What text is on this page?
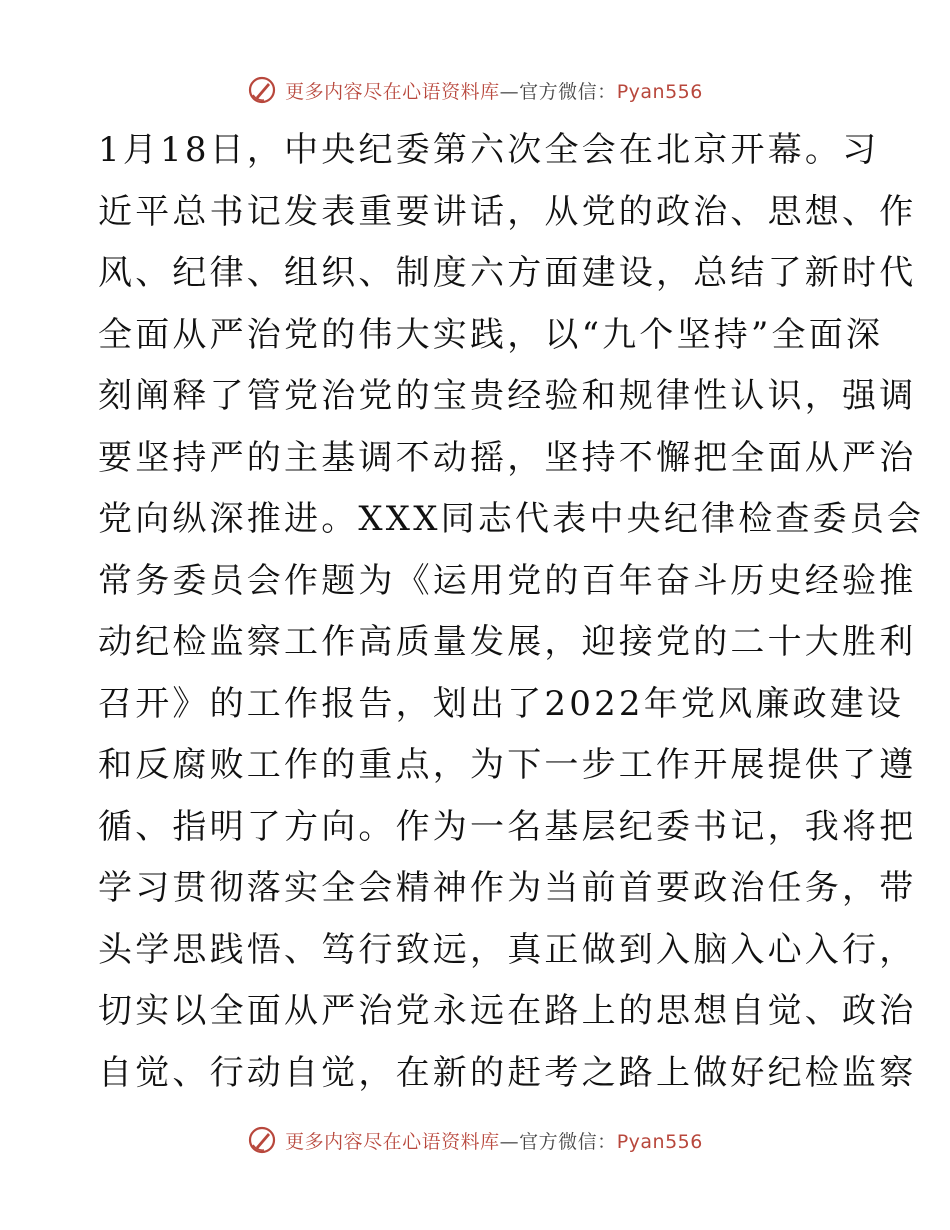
更多内容尽在心语资料库—官方微信：Pyan556
1月18日，中央纪委第六次全会在北京开幕。习
近平总书记发表重要讲话，从党的政治、思想、作
风、纪律、组织、制度六方面建设，总结了新时代
全面从严治党的伟大实践，以“九个坚持”全面深
刻阐释了管党治党的宝贵经验和规律性认识，强调
要坚持严的主基调不动摇，坚持不懈把全面从严治
党向纵深推进。XXX同志代表中央纪律检查委员会
常务委员会作题为《运用党的百年奋斗历史经验推
动纪检监察工作高质量发展，迎接党的二十大胜利
召开》的工作报告，划出了2022年党风廉政建设
和反腐败工作的重点，为下一步工作开展提供了遵
循、指明了方向。作为一名基层纪委书记，我将把
学习贯彻落实全会精神作为当前首要政治任务，带
头学思践悟、笃行致远，真正做到入脑入心入行，
切实以全面从严治党永远在路上的思想自觉、政治
自觉、行动自觉，在新的赶考之路上做好纪检监察
更多内容尽在心语资料库—官方微信：Pyan556
